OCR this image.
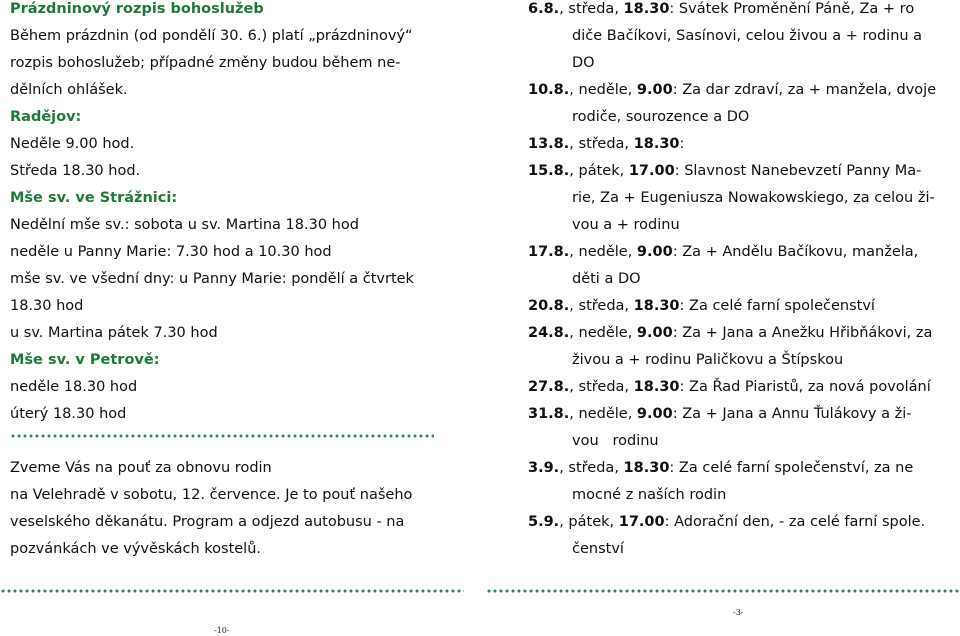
Prázdninový rozpis bohoslužeb
Během prázdnin (od pondělí 30. 6.) platí „prázdninový“
rozpis bohoslužeb; případné změny budou během ne-
dělních ohlášek.
Radějov:
Neděle 9.00 hod.
Středa 18.30 hod.
Mše sv. ve Strážnici:
Nedělní mše sv.: sobota u sv. Martina 18.30 hod
neděle u Panny Marie: 7.30 hod a 10.30 hod
mše sv. ve všední dny: u Panny Marie: pondělí a čtvrtek
18.30 hod
u sv. Martina pátek 7.30 hod
Mše sv. v Petrově:
neděle 18.30 hod
úterý 18.30 hod
Zveme Vás na pouť za obnovu rodin
na Velehradě v sobotu, 12. července. Je to pouť našeho
veselského děkanátu. Program a odjezd autobusu - na
pozvánkách ve vývěskách kostelů.
6.8., středa, 18.30: Svátek Proměnění Páně, Za + ro
diče Bačíkovi, Sasínovi, celou živou a + rodinu a
DO
10.8., neděle, 9.00: Za dar zdraví, za + manžela, dvoje
rodiče, sourozence a DO
13.8., středa, 18.30:
15.8., pátek, 17.00: Slavnost Nanebevzetí Panny Ma-
rie, Za + Eugeniusza Nowakowskiego, za celou ži-
vou a + rodinu
17.8., neděle, 9.00: Za + Andělu Bačíkovu, manžela,
děti a DO
20.8., středa, 18.30: Za celé farní společenství
24.8., neděle, 9.00: Za + Jana a Anežku Hřibňákovi, za
živou a + rodinu Paličkovu a Štípskou
27.8., středa, 18.30: Za Řad Piaristů, za nová povolání
31.8., neděle, 9.00: Za + Jana a Annu Ťulákovy a ži-
vou   rodinu
3.9., středa, 18.30: Za celé farní společenství, za ne
mocné z naších rodin
5.9., pátek, 17.00: Adorační den, - za celé farní spole.
čenství
-3-
-10-
